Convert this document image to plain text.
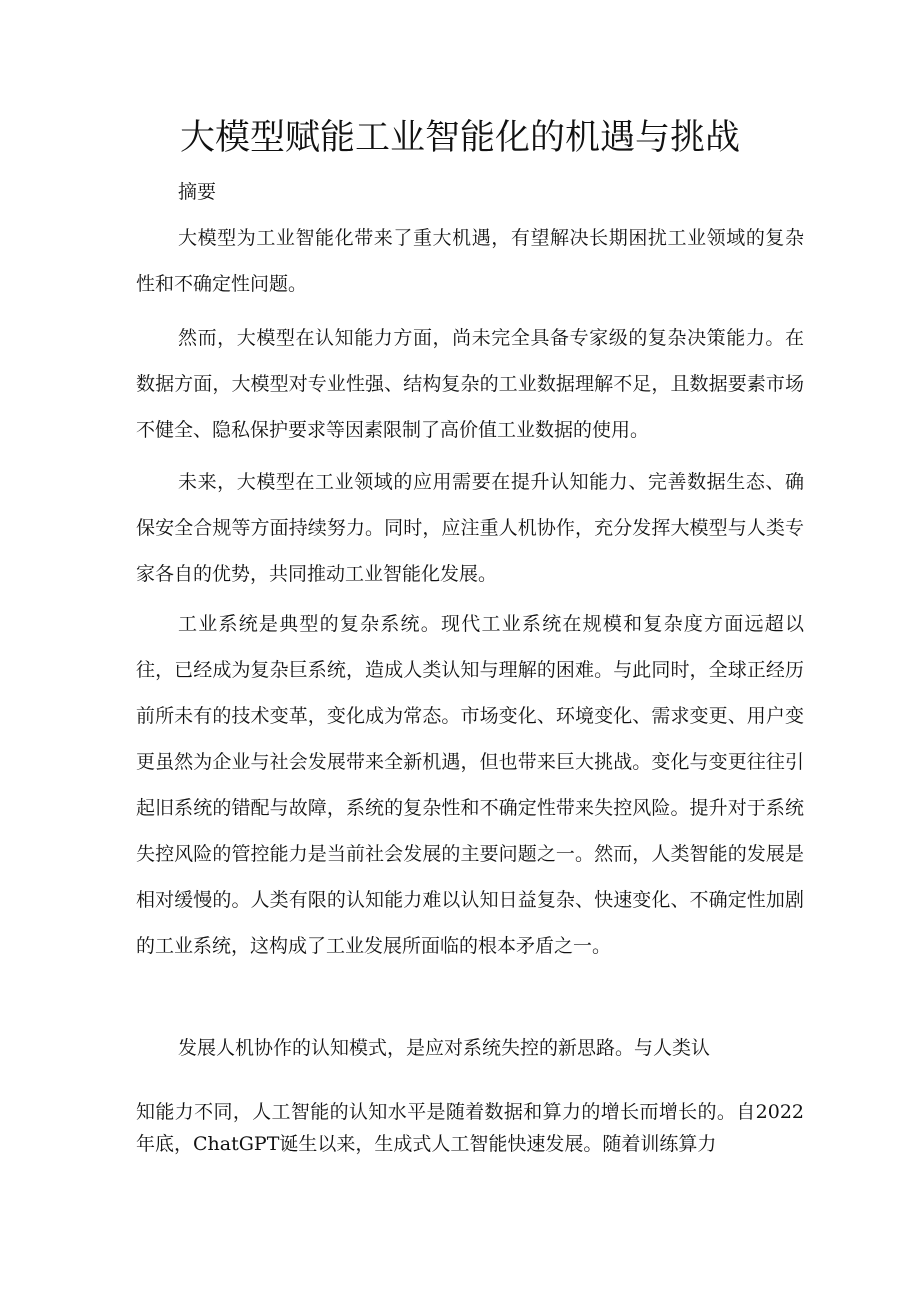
大模型赋能工业智能化的机遇与挑战

摘要

大模型为工业智能化带来了重大机遇，有望解决长期困扰工业领域的复杂性和不确定性问题。

然而，大模型在认知能力方面，尚未完全具备专家级的复杂决策能力。在数据方面，大模型对专业性强、结构复杂的工业数据理解不足，且数据要素市场不健全、隐私保护要求等因素限制了高价值工业数据的使用。

未来，大模型在工业领域的应用需要在提升认知能力、完善数据生态、确保安全合规等方面持续努力。同时，应注重人机协作，充分发挥大模型与人类专家各自的优势，共同推动工业智能化发展。

工业系统是典型的复杂系统。现代工业系统在规模和复杂度方面远超以往，已经成为复杂巨系统，造成人类认知与理解的困难。与此同时，全球正经历前所未有的技术变革，变化成为常态。市场变化、环境变化、需求变更、用户变更虽然为企业与社会发展带来全新机遇，但也带来巨大挑战。变化与变更往往引起旧系统的错配与故障，系统的复杂性和不确定性带来失控风险。提升对于系统失控风险的管控能力是当前社会发展的主要问题之一。然而，人类智能的发展是相对缓慢的。人类有限的认知能力难以认知日益复杂、快速变化、不确定性加剧的工业系统，这构成了工业发展所面临的根本矛盾之一。

发展人机协作的认知模式，是应对系统失控的新思路。与人类认

知能力不同，人工智能的认知水平是随着数据和算力的增长而增长的。自2022年底，ChatGPT诞生以来，生成式人工智能快速发展。随着训练算力
